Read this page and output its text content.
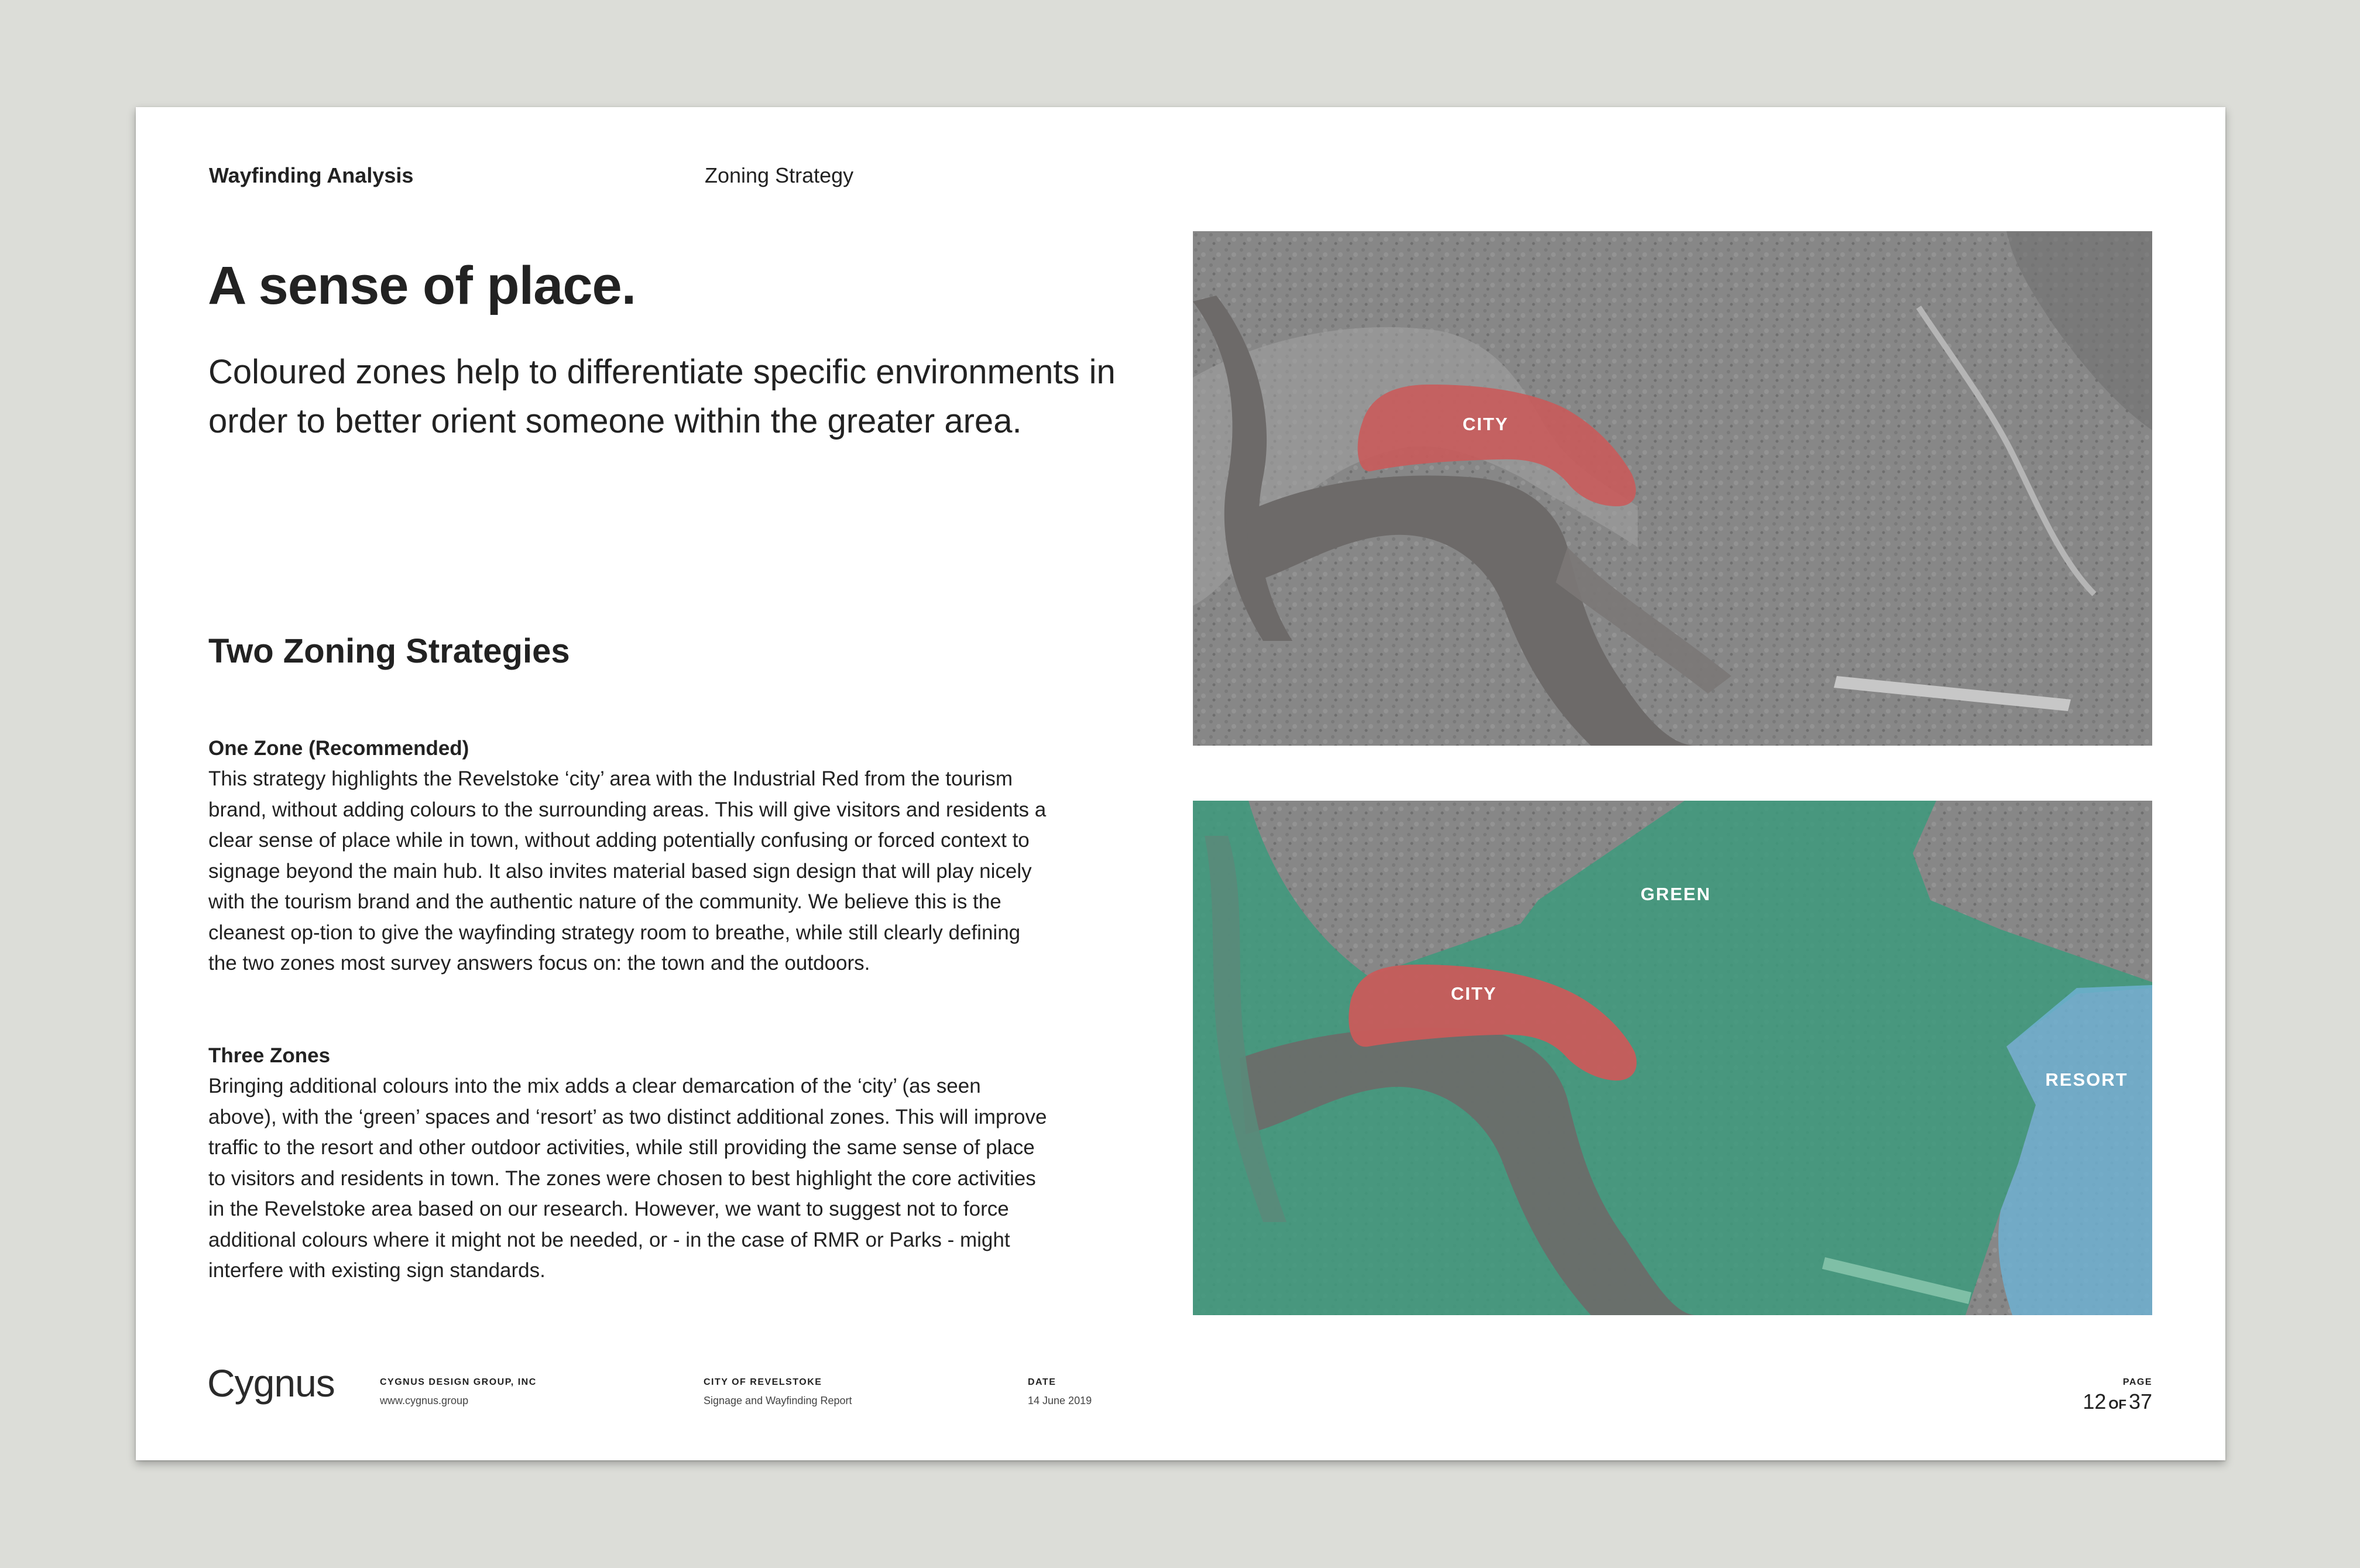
Wayfinding Analysis	Zoning Strategy
A sense of place.
Coloured zones help to differentiate specific environments in order to better orient someone within the greater area.
Two Zoning Strategies
One Zone (Recommended)
This strategy highlights the Revelstoke ‘city’ area with the Industrial Red from the tourism brand, without adding colours to the surrounding areas. This will give visitors and residents a clear sense of place while in town, without adding potentially confusing or forced context to signage beyond the main hub. It also invites material based sign design that will play nicely with the tourism brand and the authentic nature of the community. We believe this is the cleanest op-tion to give the wayfinding strategy room to breathe, while still clearly defining the two zones most survey answers focus on: the town and the outdoors.
Three Zones
Bringing additional colours into the mix adds a clear demarcation of the ‘city’ (as seen above), with the ‘green’ spaces and ‘resort’ as two distinct additional zones. This will improve traffic to the resort and other outdoor activities, while still providing the same sense of place to visitors and residents in town. The zones were chosen to best highlight the core activities in the Revelstoke area based on our research. However, we want to suggest not to force additional colours where it might not be needed, or - in the case of RMR or Parks - might interfere with existing sign standards.
CITY
CITY
GREEN
RESORT
Cygnus	CYGNUS DESIGN GROUP, INC
www.cygnus.group
CITY OF REVELSTOKE
Signage and Wayfinding Report
DATE
14 June 2019
PAGE
12 OF 37
